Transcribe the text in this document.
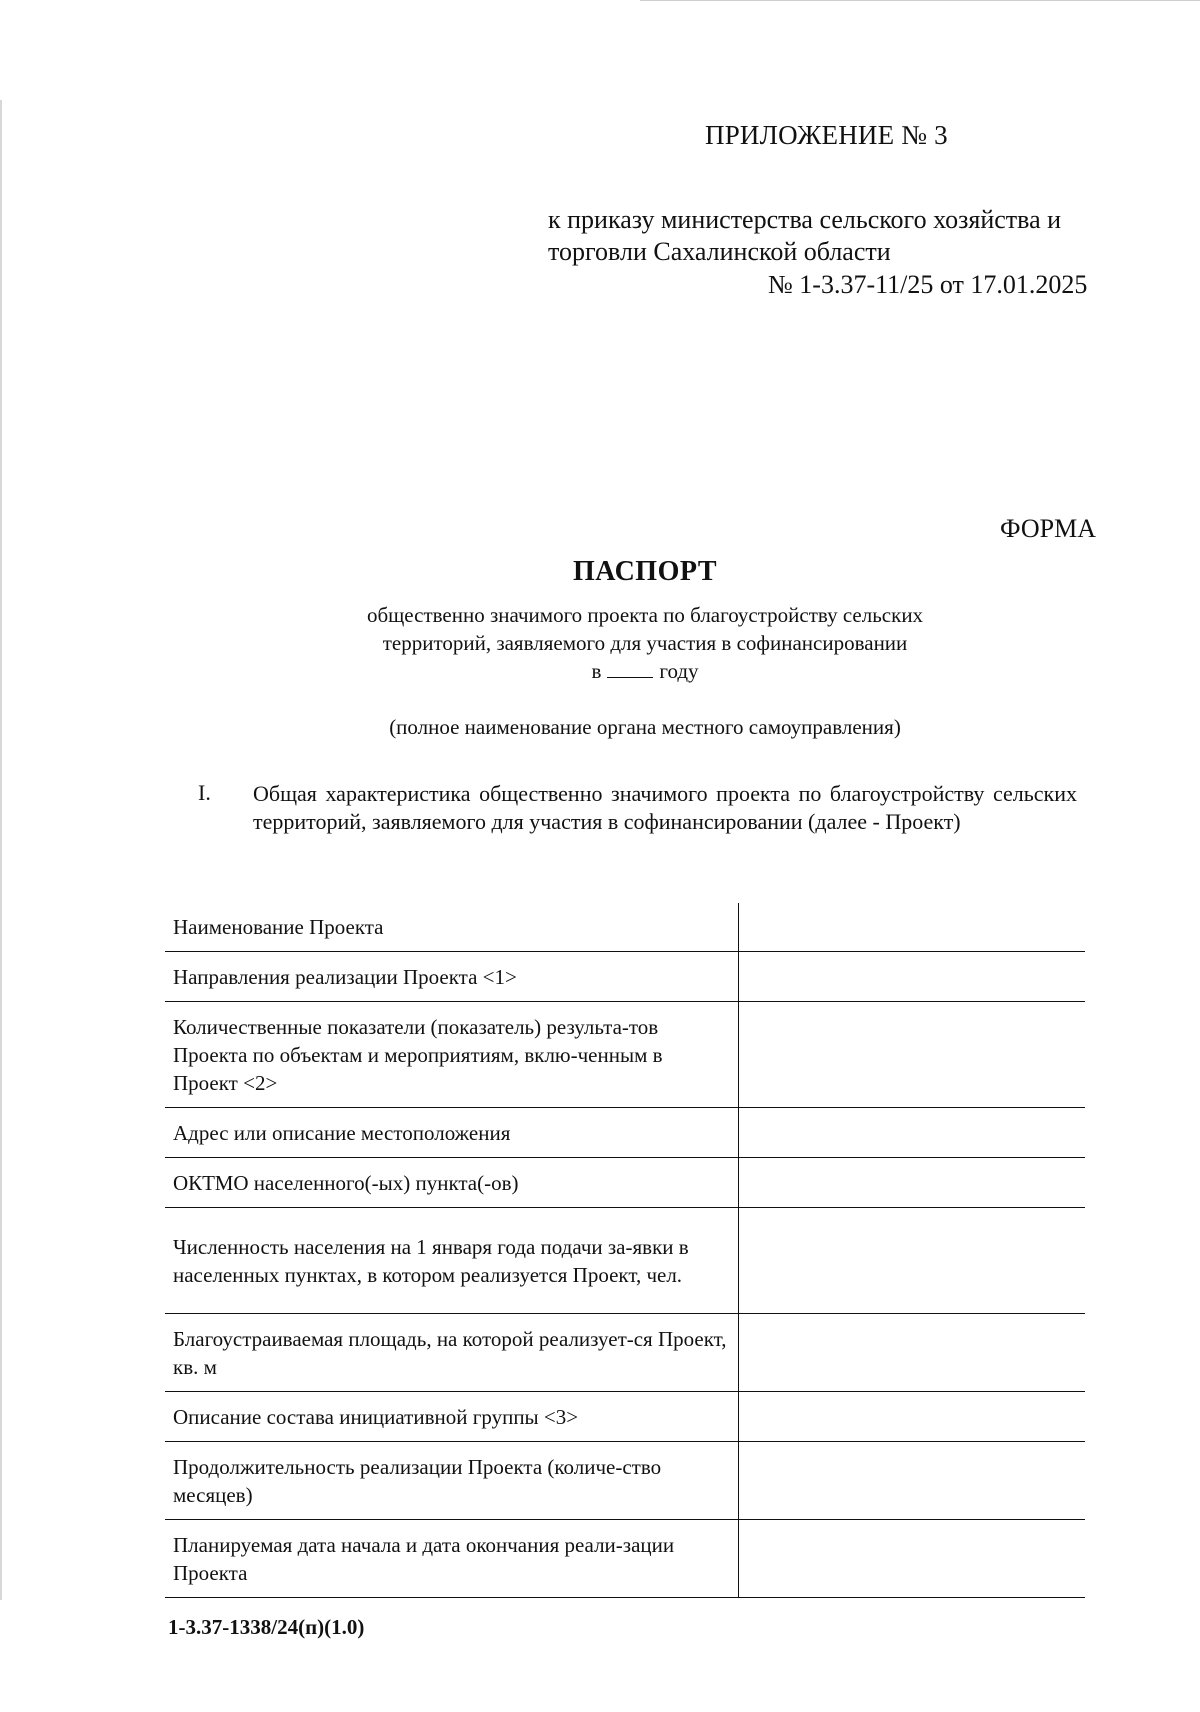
ПРИЛОЖЕНИЕ № 3
к приказу министерства сельского хозяйства и
торговли Сахалинской области
№ 1-3.37-11/25 от 17.01.2025
ФОРМА
ПАСПОРТ
общественно значимого проекта по благоустройству сельских
территорий, заявляемого для участия в софинансировании
в	году
(полное наименование органа местного самоуправления)
I. Общая характеристика общественно значимого проекта по благоустройству сельских территорий, заявляемого для участия в софинансировании (далее - Проект)
Наименование Проекта	
Направления реализации Проекта <1>	
Количественные показатели (показатель) результа-тов Проекта по объектам и мероприятиям, вклю-ченным в Проект <2>	
Адрес или описание местоположения	
ОКТМО населенного(-ых) пункта(-ов)	
Численность населения на 1 января года подачи за-явки в населенных пунктах, в котором реализуется Проект, чел.	
Благоустраиваемая площадь, на которой реализует-ся Проект, кв. м	
Описание состава инициативной группы <3>	
Продолжительность реализации Проекта (количе-ство месяцев)	
Планируемая дата начала и дата окончания реали-зации Проекта	
1-3.37-1338/24(п)(1.0)
